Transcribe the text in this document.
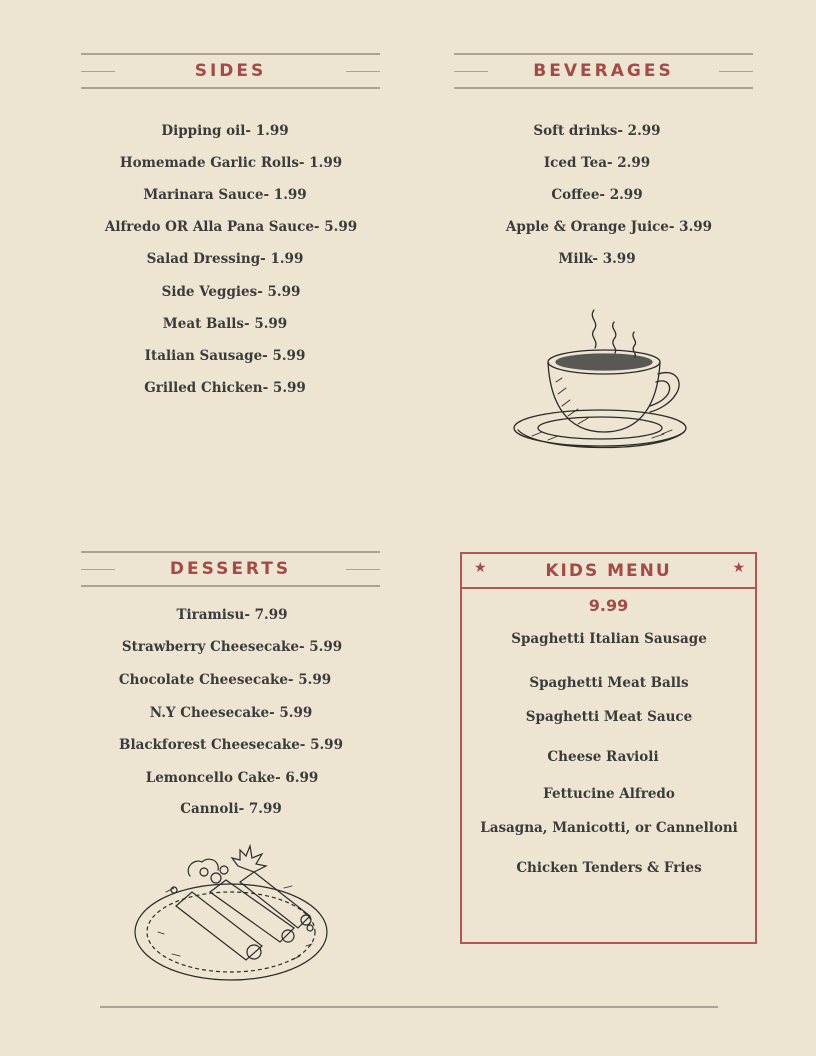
SIDES
Dipping oil- 1.99
Homemade Garlic Rolls- 1.99
Marinara Sauce- 1.99
Alfredo OR Alla Pana Sauce- 5.99
Salad Dressing- 1.99
Side Veggies- 5.99
Meat Balls- 5.99
Italian Sausage- 5.99
Grilled Chicken- 5.99
BEVERAGES
Soft drinks- 2.99
Iced Tea- 2.99
Coffee- 2.99
Apple & Orange Juice- 3.99
Milk- 3.99
DESSERTS
Tiramisu- 7.99
Strawberry Cheesecake- 5.99
Chocolate Cheesecake- 5.99
N.Y Cheesecake- 5.99
Blackforest Cheesecake- 5.99
Lemoncello Cake- 6.99
Cannoli- 7.99
★	KIDS MENU	★
9.99
Spaghetti Italian Sausage
Spaghetti Meat Balls
Spaghetti Meat Sauce
Cheese Ravioli
Fettucine Alfredo
Lasagna, Manicotti, or Cannelloni
Chicken Tenders & Fries
